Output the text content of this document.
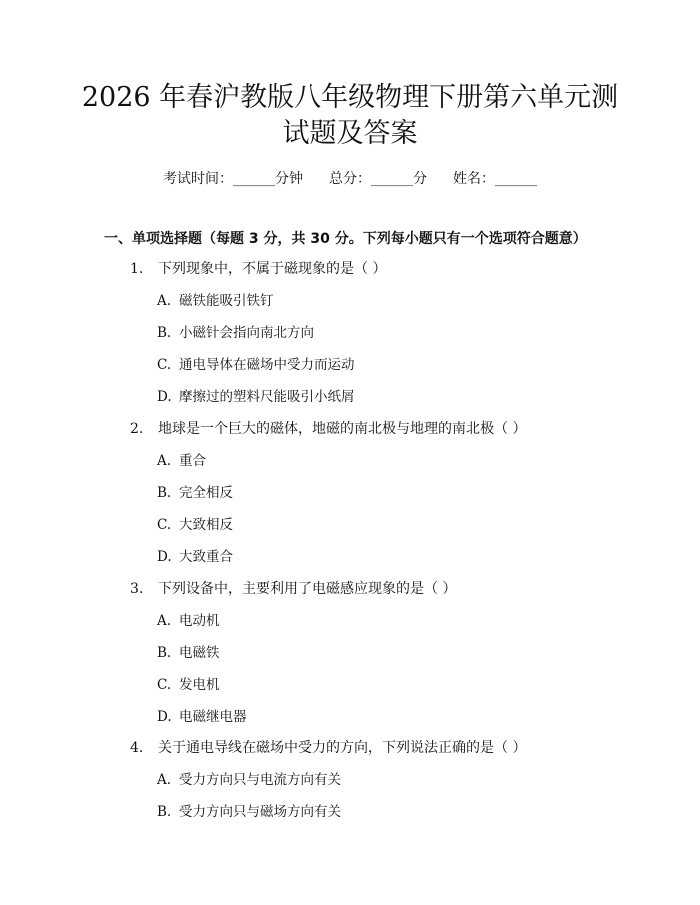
2026 年春沪教版八年级物理下册第六单元测
试题及答案
考试时间：______分钟 总分：______分 姓名：______
一、单项选择题（每题 3 分，共 30 分。下列每小题只有一个选项符合题意）
1. 下列现象中，不属于磁现象的是（ ）
A. 磁铁能吸引铁钉
B. 小磁针会指向南北方向
C. 通电导体在磁场中受力而运动
D. 摩擦过的塑料尺能吸引小纸屑
2. 地球是一个巨大的磁体，地磁的南北极与地理的南北极（ ）
A. 重合
B. 完全相反
C. 大致相反
D. 大致重合
3. 下列设备中，主要利用了电磁感应现象的是（ ）
A. 电动机
B. 电磁铁
C. 发电机
D. 电磁继电器
4. 关于通电导线在磁场中受力的方向，下列说法正确的是（ ）
A. 受力方向只与电流方向有关
B. 受力方向只与磁场方向有关
